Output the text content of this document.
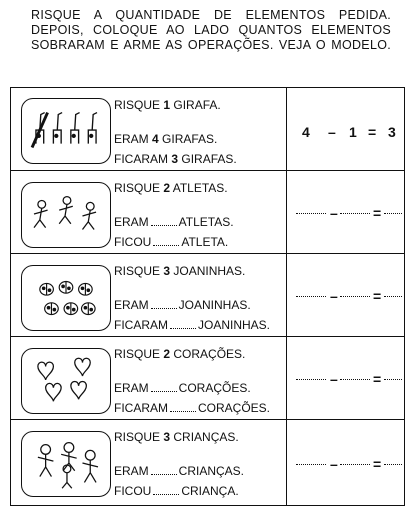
RISQUE A QUANTIDADE DE ELEMENTOS PEDIDA.
DEPOIS, COLOQUE AO LADO QUANTOS ELEMENTOS
SOBRARAM E ARME AS OPERAÇÕES. VEJA O MODELO.
RISQUE 1 GIRAFA.
ERAM 4 GIRAFAS.
FICARAM 3 GIRAFAS.
4 – 1 = 3
RISQUE 2 ATLETAS.
ERAM	ATLETAS.
FICOU	ATLETA.
–	=
RISQUE 3 JOANINHAS.
ERAM	JOANINHAS.
FICARAM	JOANINHAS.
–	=
RISQUE 2 CORAÇÕES.
ERAM	CORAÇÕES.
FICARAM	CORAÇÕES.
–	=
RISQUE 3 CRIANÇAS.
ERAM	CRIANÇAS.
FICOU	CRIANÇA.
–	=
